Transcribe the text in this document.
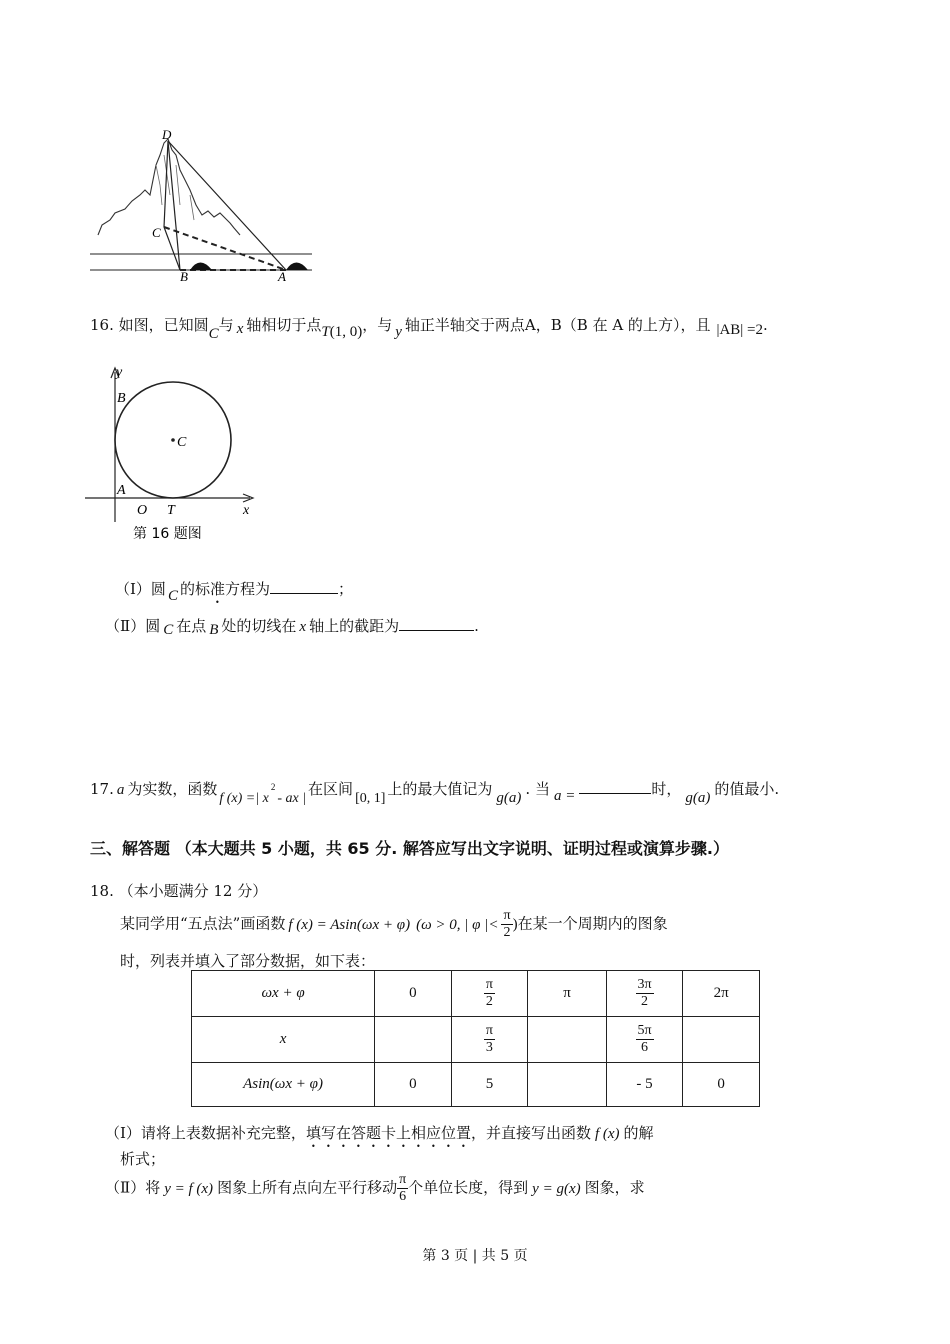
D
C
B	A
16. 如图，已知圆C与 x 轴相切于点T(1, 0)，与 y 轴正半轴交于两点A，B（B 在 A 的上方），且 |AB| =2.
y
B
C
A
O T	x
第 16 题图
（Ⅰ）圆 C 的标准方程为	；
（Ⅱ）圆 C 在点 B 处的切线在 x 轴上的截距为	.
17. a 为实数，函数f (x) =| $x^2-$ ax |在区间[0, 1]上的最大值记为 g(a) . 当 a =	时， g(a) 的值最小.
三、解答题 （本大题共 5 小题，共 65 分. 解答应写出文字说明、证明过程或演算步骤.）
18. （本小题满分 12 分）
某同学用“五点法”画函数 f (x) = Asin(ωx + φ) (ω > 0, | φ |< $\frac{\pi}{2}$ )在某一个周期内的图象
时，列表并填入了部分数据，如下表：
ωx + φ	0	$\frac{\pi}{2}$	π	$\frac{3\pi}{2}$	2π
x		$\frac{\pi}{3}$		$\frac{5\pi}{6}$

Asin(ωx + φ)	0	5		- 5	0
（Ⅰ）请将上表数据补充完整，填写在答题卡上相应位置，并直接写出函数 f (x) 的解
析式；
（Ⅱ）将 y = f (x) 图象上所有点向左平行移动 $\frac{\pi}{6}$ 个单位长度，得到 y = g(x) 图象，求
第 3 页 | 共 5 页
